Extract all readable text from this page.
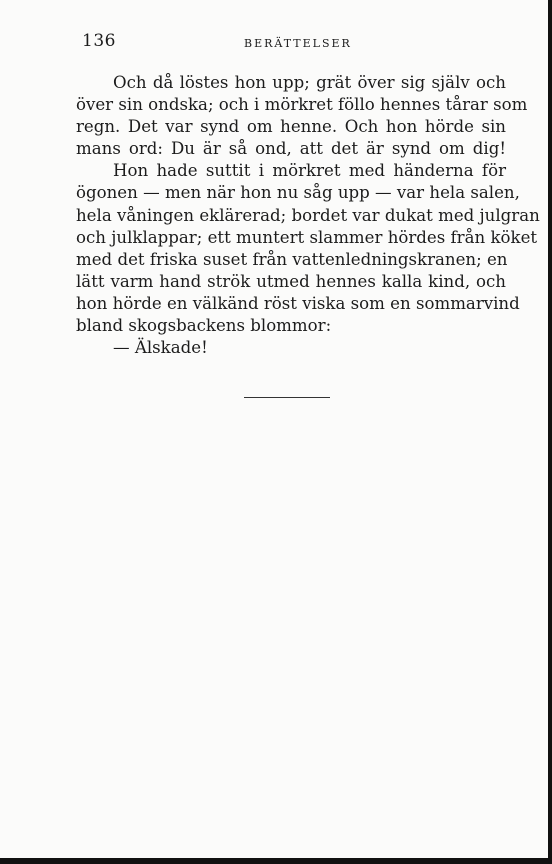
136	BERÄTTELSER
Och då löstes hon upp; grät över sig själv och
över sin ondska; och i mörkret föllo hennes tårar som
regn. Det var synd om henne. Och hon hörde sin
mans ord: Du är så ond, att det är synd om dig!
Hon hade suttit i mörkret med händerna för
ögonen — men när hon nu såg upp — var hela salen,
hela våningen eklärerad; bordet var dukat med julgran
och julklappar; ett muntert slammer hördes från köket
med det friska suset från vattenledningskranen; en
lätt varm hand strök utmed hennes kalla kind, och
hon hörde en välkänd röst viska som en sommarvind
bland skogsbackens blommor:
— Älskade!
